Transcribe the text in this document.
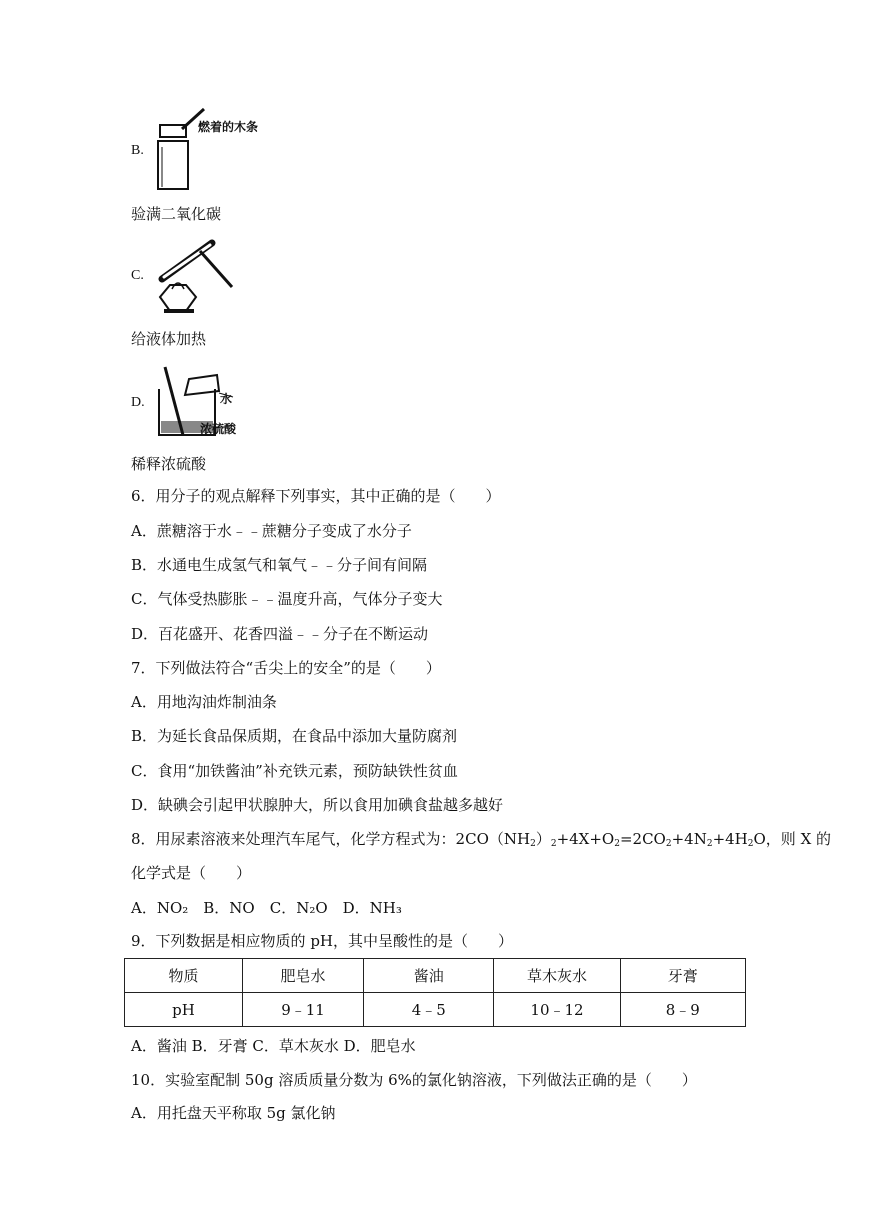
B.
燃着的木条
验满二氧化碳
C.
给液体加热
D.	水
浓硫酸
稀释浓硫酸
6．用分子的观点解释下列事实，其中正确的是（　　）
A．蔗糖溶于水﹣﹣蔗糖分子变成了水分子
B．水通电生成氢气和氧气﹣﹣分子间有间隔
C．气体受热膨胀﹣﹣温度升高，气体分子变大
D．百花盛开、花香四溢﹣﹣分子在不断运动
7．下列做法符合“舌尖上的安全”的是（　　）
A．用地沟油炸制油条
B．为延长食品保质期，在食品中添加大量防腐剂
C．食用“加铁酱油”补充铁元素，预防缺铁性贫血
D．缺碘会引起甲状腺肿大，所以食用加碘食盐越多越好
8．用尿素溶液来处理汽车尾气，化学方程式为：$2CO(NH_2)_2+4X+O_2=2CO_2+4N_2+4H_2O$，则 X 的
化学式是（　　）
A．NO₂　B．NO　C．N₂O　D．NH₃
9．下列数据是相应物质的 pH，其中呈酸性的是（　　）
物质	肥皂水	酱油	草木灰水	牙膏
pH	9﹣11	4﹣5	10﹣12	8﹣9
A．酱油 B．牙膏 C．草木灰水 D．肥皂水
10．实验室配制 50g 溶质质量分数为 6%的氯化钠溶液，下列做法正确的是（　　）
A．用托盘天平称取 5g 氯化钠
